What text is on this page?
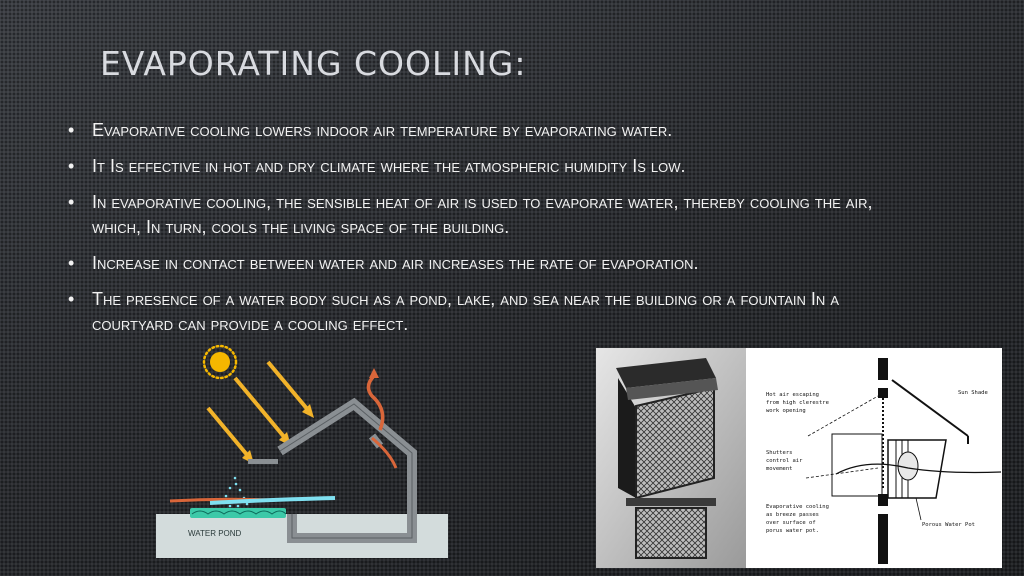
EVAPORATING COOLING:
• Evaporative cooling lowers indoor air temperature by evaporating water.
• It Is effective in hot and dry climate where the atmospheric humidity Is low.
• In evaporative cooling, the sensible heat of air is used to evaporate water, thereby cooling the air, which, In turn, cools the living space of the building.
• Increase in contact between water and air increases the rate of evaporation.
• The presence of a water body such as a pond, lake, and sea near the building or a fountain In a courtyard can provide a cooling effect.
WATER POND
Hot air escaping
from high clerestre
work opening
Sun Shade
Shutters
control air
movement
Evaporative cooling
as breeze passes
over surface of
porus water pot.
Porous Water Pot
